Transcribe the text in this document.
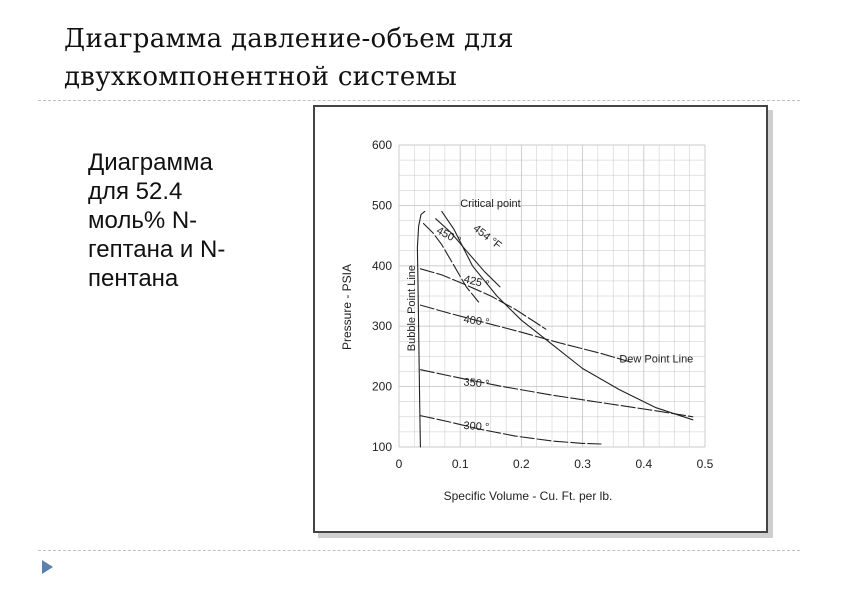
Диаграмма давление-объем для
двухкомпонентной системы
Диаграмма
для 52.4
моль% N-
гептана и N-
пентана
0	0.1	0.2	0.3	0.4	0.5
100
200
300
400
500
600
Specific Volume - Cu. Ft. per lb.
Pressure - PSIA
Critical point
454 °F
450 °
425 °
400 °
350 °
300 °
Bubble Point Line
Dew Point Line
